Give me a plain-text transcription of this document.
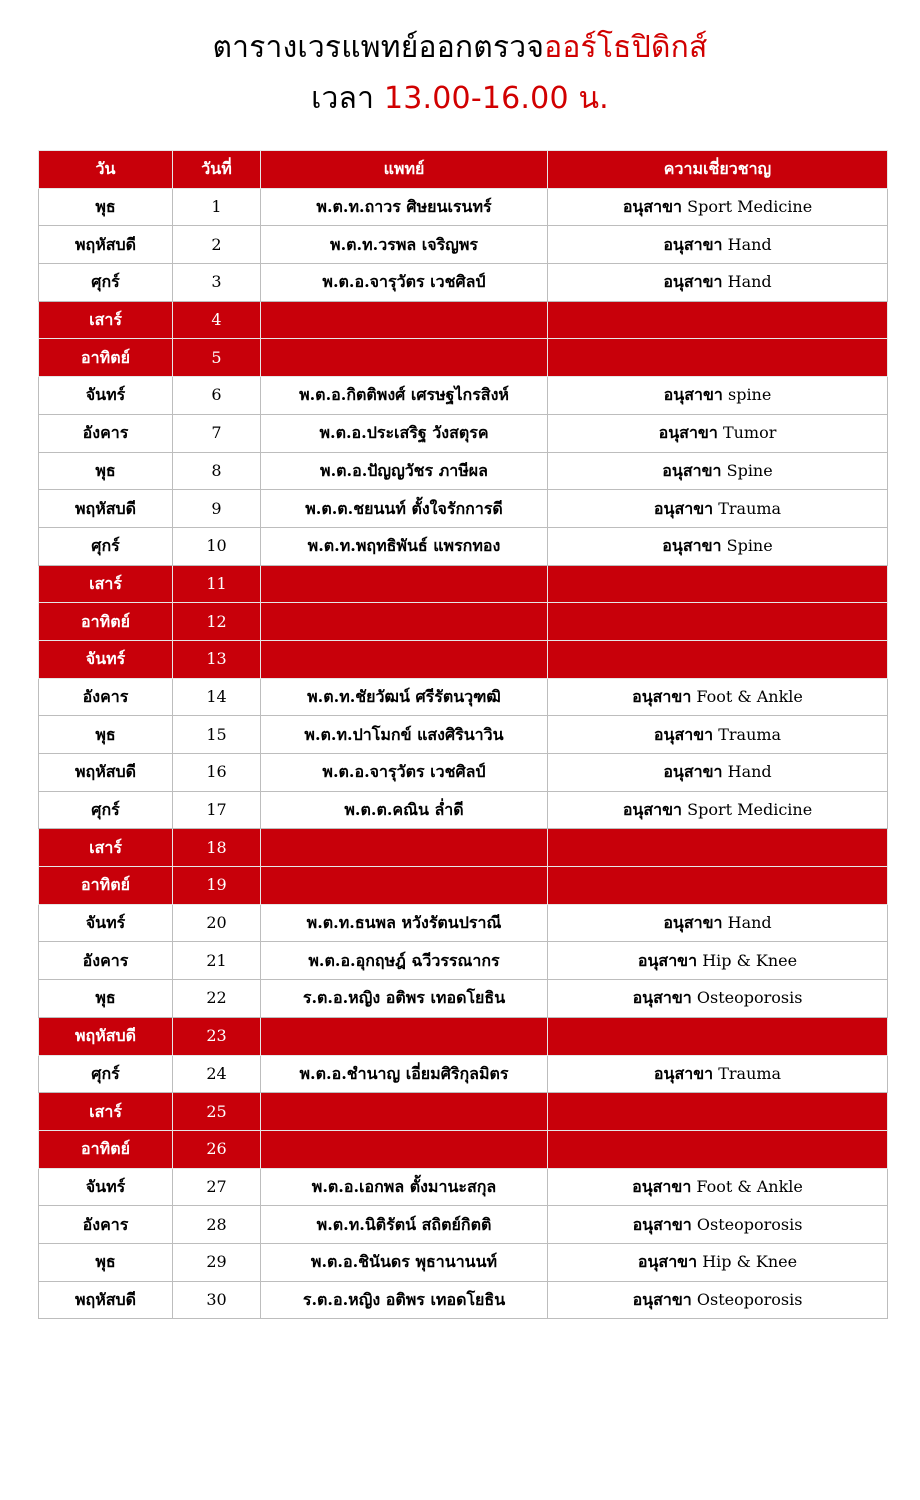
ตารางเวรแพทย์ออกตรวจออร์โธปิดิกส์
เวลา 13.00-16.00 น.
วัน	วันที่	แพทย์	ความเชี่ยวชาญ
พุธ	1	พ.ต.ท.ถาวร ศิษยนเรนทร์	อนุสาขา Sport Medicine
พฤหัสบดี	2	พ.ต.ท.วรพล เจริญพร	อนุสาขา Hand
ศุกร์	3	พ.ต.อ.จารุวัตร เวชศิลป์	อนุสาขา Hand
เสาร์	4		
อาทิตย์	5		
จันทร์	6	พ.ต.อ.กิตติพงศ์ เศรษฐไกรสิงห์	อนุสาขา spine
อังคาร	7	พ.ต.อ.ประเสริฐ วังสตุรค	อนุสาขา Tumor
พุธ	8	พ.ต.อ.ปัญญวัชร ภาษีผล	อนุสาขา Spine
พฤหัสบดี	9	พ.ต.ต.ชยนนท์ ตั้งใจรักการดี	อนุสาขา Trauma
ศุกร์	10	พ.ต.ท.พฤทธิพันธ์ แพรกทอง	อนุสาขา Spine
เสาร์	11		
อาทิตย์	12		
จันทร์	13		
อังคาร	14	พ.ต.ท.ชัยวัฒน์ ศรีรัตนวุฑฒิ	อนุสาขา Foot & Ankle
พุธ	15	พ.ต.ท.ปาโมกข์ แสงศิรินาวิน	อนุสาขา Trauma
พฤหัสบดี	16	พ.ต.อ.จารุวัตร เวชศิลป์	อนุสาขา Hand
ศุกร์	17	พ.ต.ต.คณิน ล่ำดี	อนุสาขา Sport Medicine
เสาร์	18		
อาทิตย์	19		
จันทร์	20	พ.ต.ท.ธนพล หวังรัตนปราณี	อนุสาขา Hand
อังคาร	21	พ.ต.อ.อุกฤษฎ์ ฉวีวรรณากร	อนุสาขา Hip & Knee
พุธ	22	ร.ต.อ.หญิง อติพร เทอดโยธิน	อนุสาขา Osteoporosis
พฤหัสบดี	23		
ศุกร์	24	พ.ต.อ.ชำนาญ เอี่ยมศิริกุลมิตร	อนุสาขา Trauma
เสาร์	25		
อาทิตย์	26		
จันทร์	27	พ.ต.อ.เอกพล ตั้งมานะสกุล	อนุสาขา Foot & Ankle
อังคาร	28	พ.ต.ท.นิติรัตน์ สถิตย์กิตติ	อนุสาขา Osteoporosis
พุธ	29	พ.ต.อ.ชินันดร พุธานานนท์	อนุสาขา Hip & Knee
พฤหัสบดี	30	ร.ต.อ.หญิง อติพร เทอดโยธิน	อนุสาขา Osteoporosis
